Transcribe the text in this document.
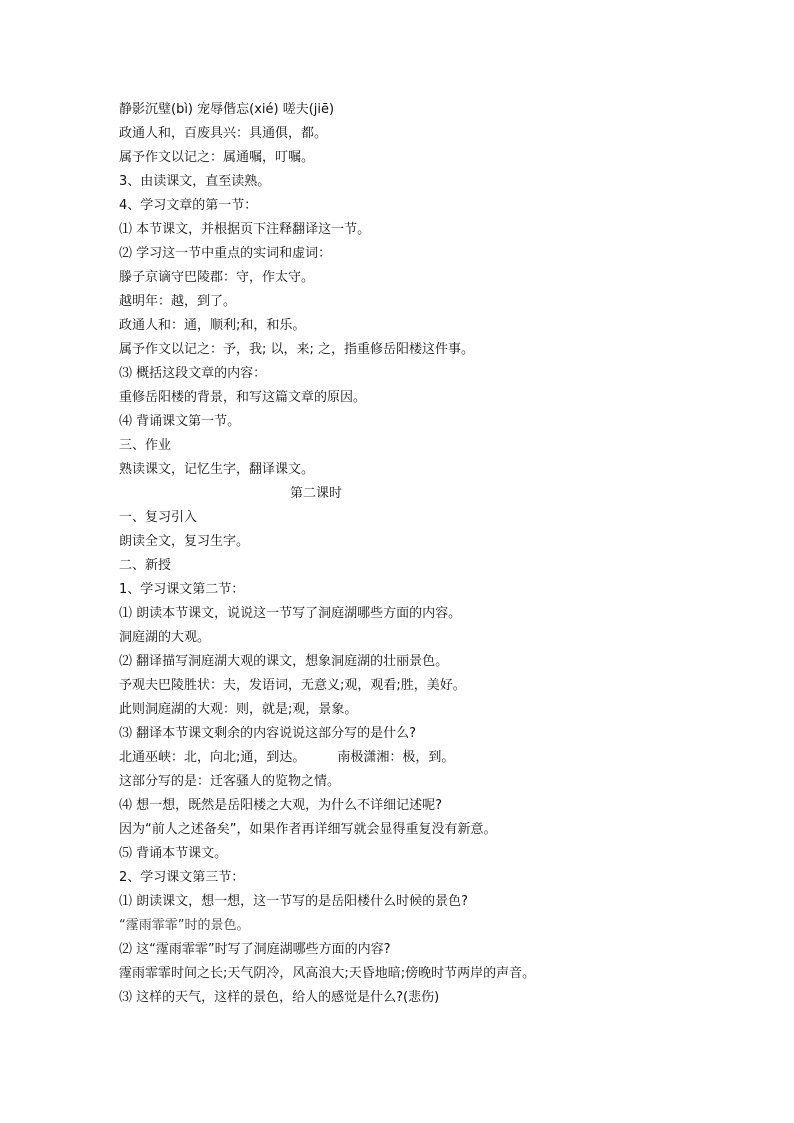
静影沉璧(bì) 宠辱偕忘(xié) 嗟夫(jiē)
政通人和，百废具兴：具通俱，都。
属予作文以记之：属通嘱，叮嘱。
3、由读课文，直至读熟。
4、学习文章的第一节：
⑴ 本节课文，并根据页下注释翻译这一节。
⑵ 学习这一节中重点的实词和虚词：
滕子京谪守巴陵郡：守，作太守。
越明年：越，到了。
政通人和：通，顺利;和，和乐。
属予作文以记之：予，我; 以，来; 之，指重修岳阳楼这件事。
⑶ 概括这段文章的内容：
重修岳阳楼的背景，和写这篇文章的原因。
⑷ 背诵课文第一节。
三、作业
熟读课文，记忆生字，翻译课文。
第二课时
一、复习引入
朗读全文，复习生字。
二、新授
1、学习课文第二节：
⑴ 朗读本节课文，说说这一节写了洞庭湖哪些方面的内容。
洞庭湖的大观。
⑵ 翻译描写洞庭湖大观的课文，想象洞庭湖的壮丽景色。
予观夫巴陵胜状：夫，发语词，无意义;观，观看;胜，美好。
此则洞庭湖的大观：则，就是;观，景象。
⑶ 翻译本节课文剩余的内容说说这部分写的是什么?
北通巫峡：北，向北;通，到达。 南极潇湘：极，到。
这部分写的是：迁客骚人的览物之情。
⑷ 想一想，既然是岳阳楼之大观，为什么不详细记述呢?
因为“前人之述备矣”，如果作者再详细写就会显得重复没有新意。
⑸ 背诵本节课文。
2、学习课文第三节：
⑴ 朗读课文，想一想，这一节写的是岳阳楼什么时候的景色?
“霪雨霏霏”时的景色。
⑵ 这“霪雨霏霏”时写了洞庭湖哪些方面的内容?
霪雨霏霏时间之长;天气阴冷，风高浪大;天昏地暗;傍晚时节两岸的声音。
⑶ 这样的天气，这样的景色，给人的感觉是什么?(悲伤)
